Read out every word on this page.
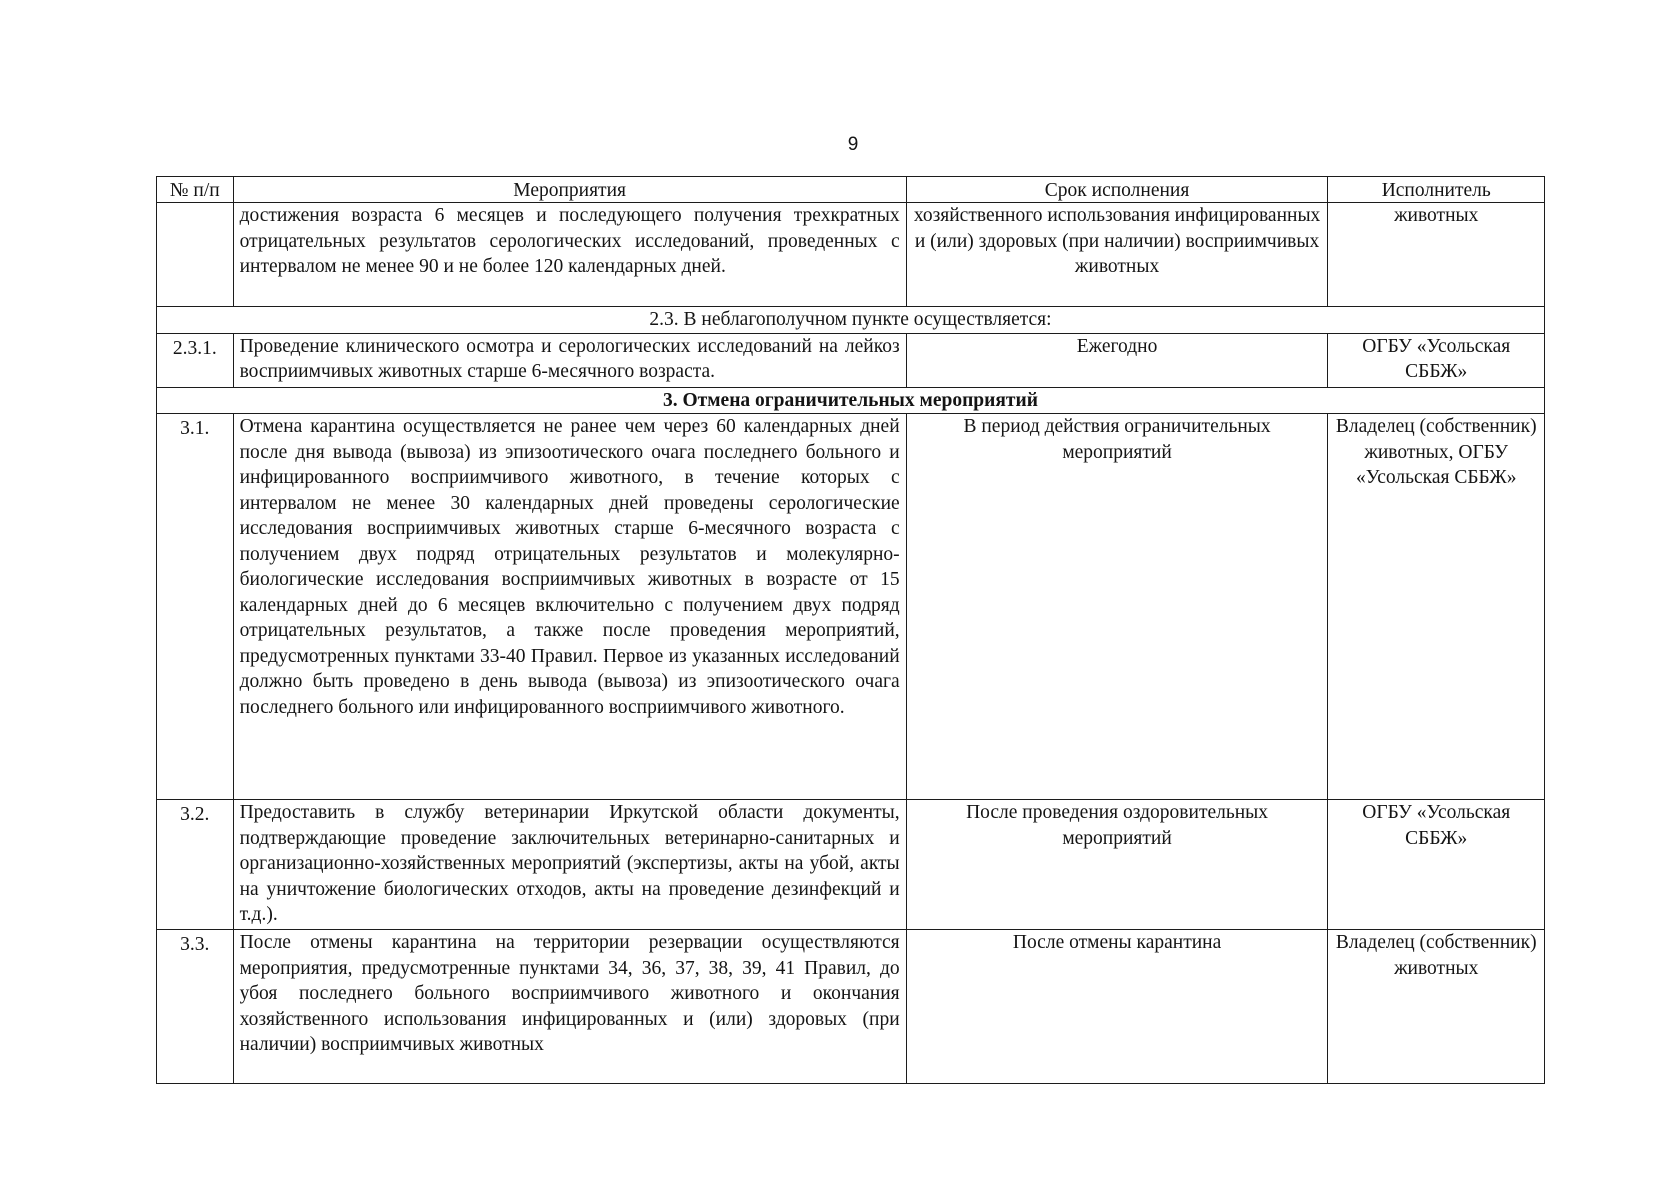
9
№ п/п	Мероприятия	Срок исполнения	Исполнитель
	достижения возраста 6 месяцев и последующего получения трехкратных отрицательных результатов серологических исследований, проведенных с интервалом не менее 90 и не более 120 календарных дней.	хозяйственного использования инфицированных и (или) здоровых (при наличии) восприимчивых животных	животных
2.3. В неблагополучном пункте осуществляется:			
2.3.1.	Проведение клинического осмотра и серологических исследований на лейкоз восприимчивых животных старше 6-месячного возраста.	Ежегодно	ОГБУ «Усольская СББЖ»
3. Отмена ограничительных мероприятий			
3.1.	Отмена карантина осуществляется не ранее чем через 60 календарных дней после дня вывода (вывоза) из эпизоотического очага последнего больного и инфицированного восприимчивого животного, в течение которых с интервалом не менее 30 календарных дней проведены серологические исследования восприимчивых животных старше 6-месячного возраста с получением двух подряд отрицательных результатов и молекулярно-биологические исследования восприимчивых животных в возрасте от 15 календарных дней до 6 месяцев включительно с получением двух подряд отрицательных результатов, а также после проведения мероприятий, предусмотренных пунктами 33-40 Правил. Первое из указанных исследований должно быть проведено в день вывода (вывоза) из эпизоотического очага последнего больного или инфицированного восприимчивого животного.	В период действия ограничительных мероприятий	Владелец (собственник) животных, ОГБУ «Усольская СББЖ»
3.2.	Предоставить в службу ветеринарии Иркутской области документы, подтверждающие проведение заключительных ветеринарно-санитарных и организационно-хозяйственных мероприятий (экспертизы, акты на убой, акты на уничтожение биологических отходов, акты на проведение дезинфекций и т.д.).	После проведения оздоровительных мероприятий	ОГБУ «Усольская СББЖ»
3.3.	После отмены карантина на территории резервации осуществляются мероприятия, предусмотренные пунктами 34, 36, 37, 38, 39, 41 Правил, до убоя последнего больного восприимчивого животного и окончания хозяйственного использования инфицированных и (или) здоровых (при наличии) восприимчивых животных	После отмены карантина	Владелец (собственник) животных
